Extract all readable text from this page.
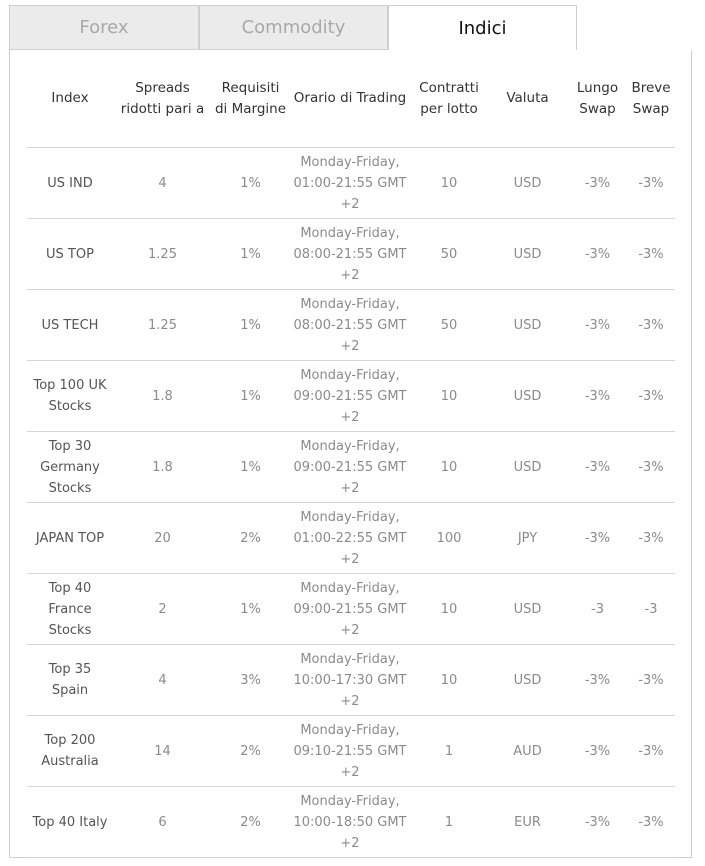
Forex	Commodity	Indici
Index	Spreads ridotti pari a	Requisiti di Margine	Orario di Trading	Contratti per lotto	Valuta	Lungo Swap	Breve Swap
US IND	4	1%	Monday-Friday, 01:00-21:55 GMT +2	10	USD	-3%	-3%
US TOP	1.25	1%	Monday-Friday, 08:00-21:55 GMT +2	50	USD	-3%	-3%
US TECH	1.25	1%	Monday-Friday, 08:00-21:55 GMT +2	50	USD	-3%	-3%
Top 100 UK Stocks	1.8	1%	Monday-Friday, 09:00-21:55 GMT +2	10	USD	-3%	-3%
Top 30 Germany Stocks	1.8	1%	Monday-Friday, 09:00-21:55 GMT +2	10	USD	-3%	-3%
JAPAN TOP	20	2%	Monday-Friday, 01:00-22:55 GMT +2	100	JPY	-3%	-3%
Top 40 France Stocks	2	1%	Monday-Friday, 09:00-21:55 GMT +2	10	USD	-3	-3
Top 35 Spain	4	3%	Monday-Friday, 10:00-17:30 GMT +2	10	USD	-3%	-3%
Top 200 Australia	14	2%	Monday-Friday, 09:10-21:55 GMT +2	1	AUD	-3%	-3%
Top 40 Italy	6	2%	Monday-Friday, 10:00-18:50 GMT +2	1	EUR	-3%	-3%
